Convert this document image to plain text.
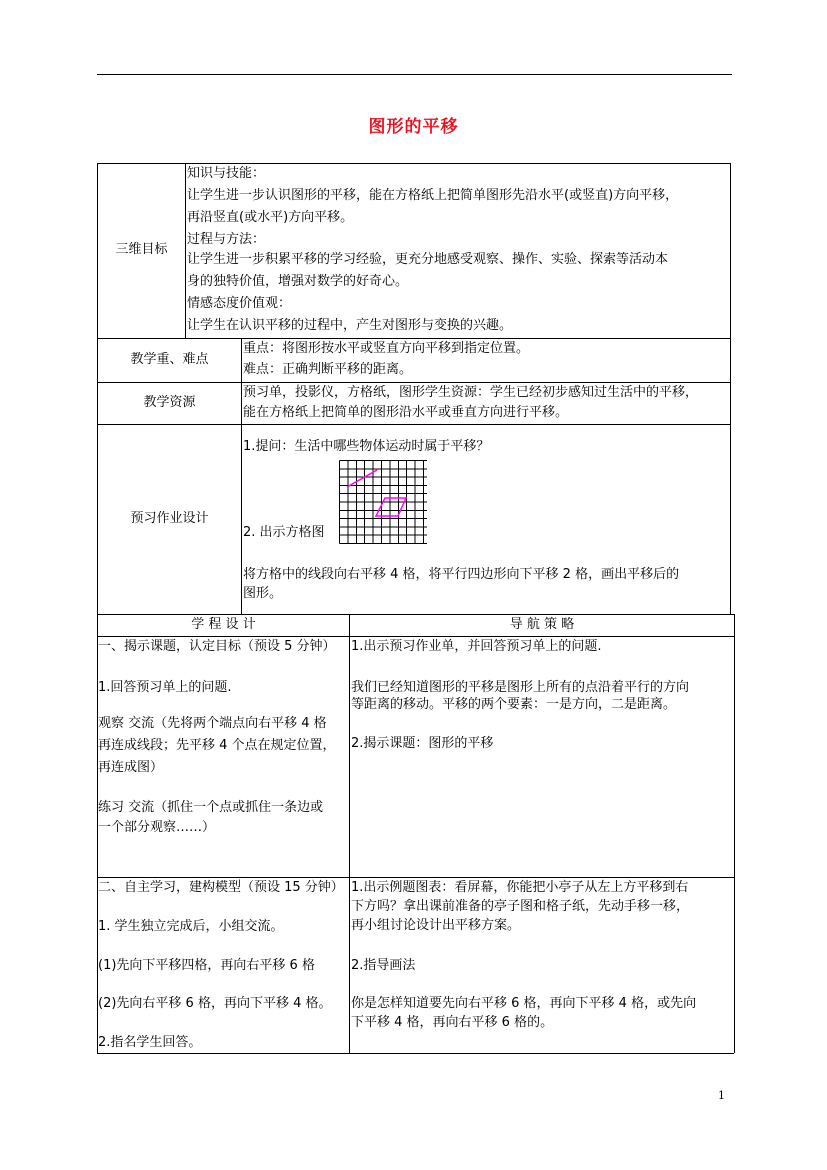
图形的平移
三维目标
知识与技能：
让学生进一步认识图形的平移，能在方格纸上把简单图形先沿水平(或竖直)方向平移，
再沿竖直(或水平)方向平移。
过程与方法：
让学生进一步积累平移的学习经验，更充分地感受观察、操作、实验、探索等活动本
身的独特价值，增强对数学的好奇心。
情感态度价值观：
让学生在认识平移的过程中，产生对图形与变换的兴趣。
教学重、难点
重点：将图形按水平或竖直方向平移到指定位置。
难点：正确判断平移的距离。
教学资源
预习单，投影仪，方格纸，图形学生资源：学生已经初步感知过生活中的平移，
能在方格纸上把简单的图形沿水平或垂直方向进行平移。
预习作业设计
1.提问：生活中哪些物体运动时属于平移？
2. 出示方格图
将方格中的线段向右平移 4 格，将平行四边形向下平移 2 格，画出平移后的
图形。
学 程 设 计	导 航 策 略
一、揭示课题，认定目标（预设 5 分钟）
1.回答预习单上的问题.
观察 交流（先将两个端点向右平移 4 格
再连成线段；先平移 4 个点在规定位置，
再连成图）
练习 交流（抓住一个点或抓住一条边或
一个部分观察……）
1.出示预习作业单，并回答预习单上的问题.
我们已经知道图形的平移是图形上所有的点沿着平行的方向
等距离的移动。平移的两个要素：一是方向，二是距离。
2.揭示课题：图形的平移
二、自主学习，建构模型（预设 15 分钟）
1. 学生独立完成后，小组交流。
(1)先向下平移四格，再向右平移 6 格
(2)先向右平移 6 格，再向下平移 4 格。
2.指名学生回答。
1.出示例题图表：看屏幕，你能把小亭子从左上方平移到右
下方吗？拿出课前准备的亭子图和格子纸，先动手移一移，
再小组讨论设计出平移方案。
2.指导画法
你是怎样知道要先向右平移 6 格，再向下平移 4 格，或先向
下平移 4 格，再向右平移 6 格的。
1
